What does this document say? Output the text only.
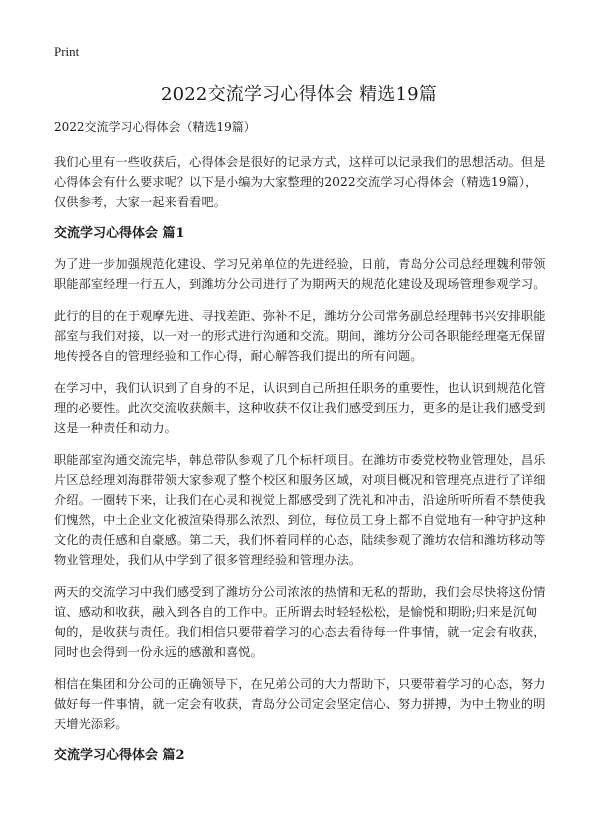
Print
2022交流学习心得体会 精选19篇

2022交流学习心得体会（精选19篇）

我们心里有一些收获后，心得体会是很好的记录方式，这样可以记录我们的思想活动。但是心得体会有什么要求呢？以下是小编为大家整理的2022交流学习心得体会（精选19篇），仅供参考，大家一起来看看吧。

交流学习心得体会 篇1

为了进一步加强规范化建设、学习兄弟单位的先进经验，日前，青岛分公司总经理魏利带领职能部室经理一行五人，到潍坊分公司进行了为期两天的规范化建设及现场管理参观学习。

此行的目的在于观摩先进、寻找差距、弥补不足，潍坊分公司常务副总经理韩书兴安排职能部室与我们对接，以一对一的形式进行沟通和交流。期间，潍坊分公司各职能经理毫无保留地传授各自的管理经验和工作心得，耐心解答我们提出的所有问题。

在学习中，我们认识到了自身的不足，认识到自己所担任职务的重要性，也认识到规范化管理的必要性。此次交流收获颇丰，这种收获不仅让我们感受到压力，更多的是让我们感受到这是一种责任和动力。

职能部室沟通交流完毕，韩总带队参观了几个标杆项目。在潍坊市委党校物业管理处，昌乐片区总经理刘海群带领大家参观了整个校区和服务区域，对项目概况和管理亮点进行了详细介绍。一圈转下来，让我们在心灵和视觉上都感受到了洗礼和冲击，沿途所听所看不禁使我们愧然，中土企业文化被渲染得那么浓烈、到位，每位员工身上都不自觉地有一种守护这种文化的责任感和自豪感。第二天，我们怀着同样的心态，陆续参观了潍坊农信和潍坊移动等物业管理处，我们从中学到了很多管理经验和管理办法。

两天的交流学习中我们感受到了潍坊分公司浓浓的热情和无私的帮助，我们会尽快将这份情谊、感动和收获，融入到各自的工作中。正所谓去时轻轻松松，是愉悦和期盼;归来是沉甸甸的，是收获与责任。我们相信只要带着学习的心态去看待每一件事情，就一定会有收获，同时也会得到一份永远的感激和喜悦。

相信在集团和分公司的正确领导下，在兄弟公司的大力帮助下，只要带着学习的心态，努力做好每一件事情，就一定会有收获，青岛分公司定会坚定信心、努力拼搏，为中土物业的明天增光添彩。

交流学习心得体会 篇2
